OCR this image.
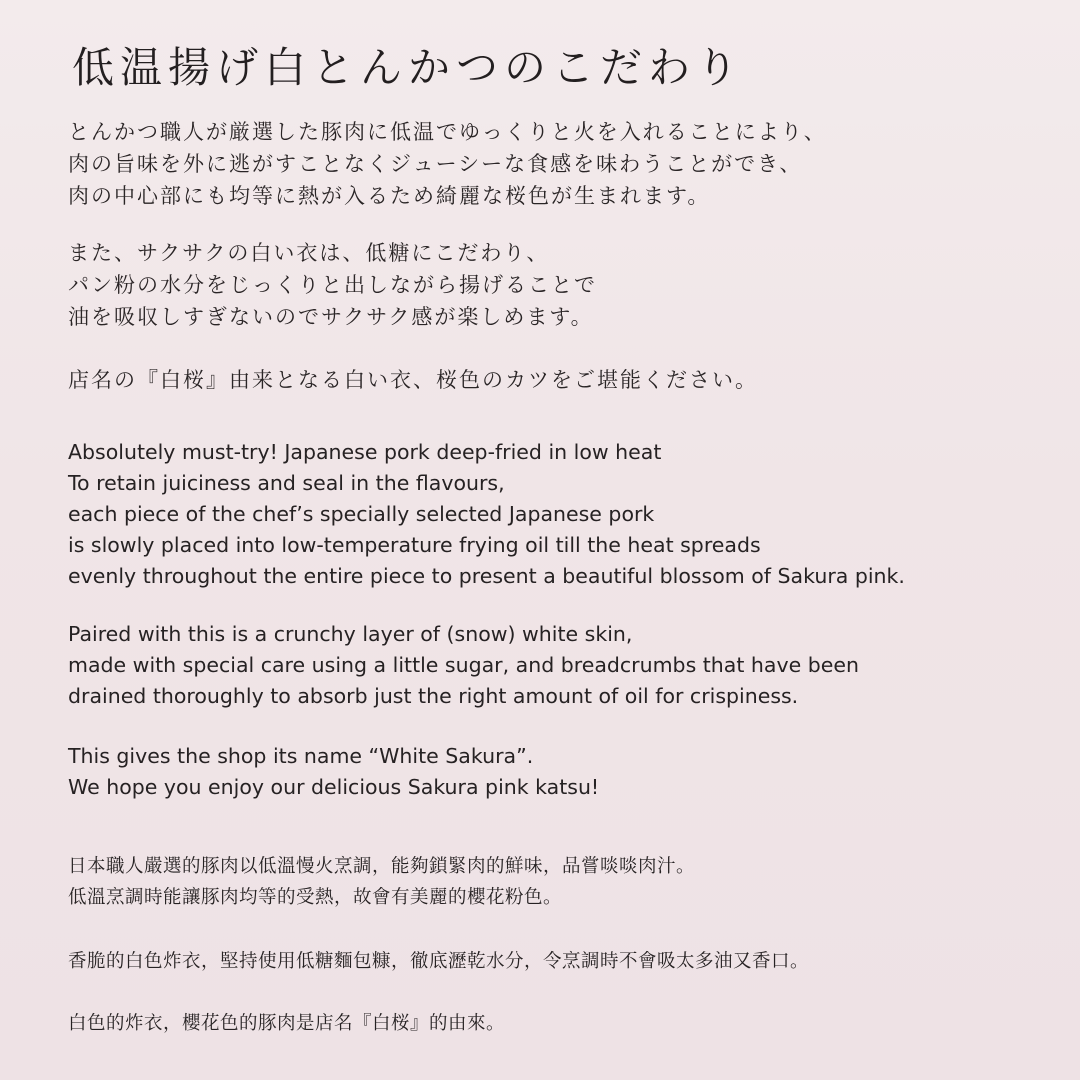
低温揚げ白とんかつのこだわり

とんかつ職人が厳選した豚肉に低温でゆっくりと火を入れることにより、
肉の旨味を外に逃がすことなくジューシーな食感を味わうことができ、
肉の中心部にも均等に熱が入るため綺麗な桜色が生まれます。

また、サクサクの白い衣は、低糖にこだわり、
パン粉の水分をじっくりと出しながら揚げることで
油を吸収しすぎないのでサクサク感が楽しめます。

店名の『白桜』由来となる白い衣、桜色のカツをご堪能ください。

Absolutely must-try! Japanese pork deep-fried in low heat
To retain juiciness and seal in the flavours,
each piece of the chef’s specially selected Japanese pork
is slowly placed into low-temperature frying oil till the heat spreads
evenly throughout the entire piece to present a beautiful blossom of Sakura pink.

Paired with this is a crunchy layer of (snow) white skin,
made with special care using a little sugar, and breadcrumbs that have been
drained thoroughly to absorb just the right amount of oil for crispiness.

This gives the shop its name “White Sakura”.
We hope you enjoy our delicious Sakura pink katsu!

日本職人嚴選的豚肉以低溫慢火烹調，能夠鎖緊肉的鮮味，品嘗啖啖肉汁。
低溫烹調時能讓豚肉均等的受熱，故會有美麗的櫻花粉色。

香脆的白色炸衣，堅持使用低糖麵包糠，徹底瀝乾水分，令烹調時不會吸太多油又香口。

白色的炸衣，櫻花色的豚肉是店名『白桜』的由來。
